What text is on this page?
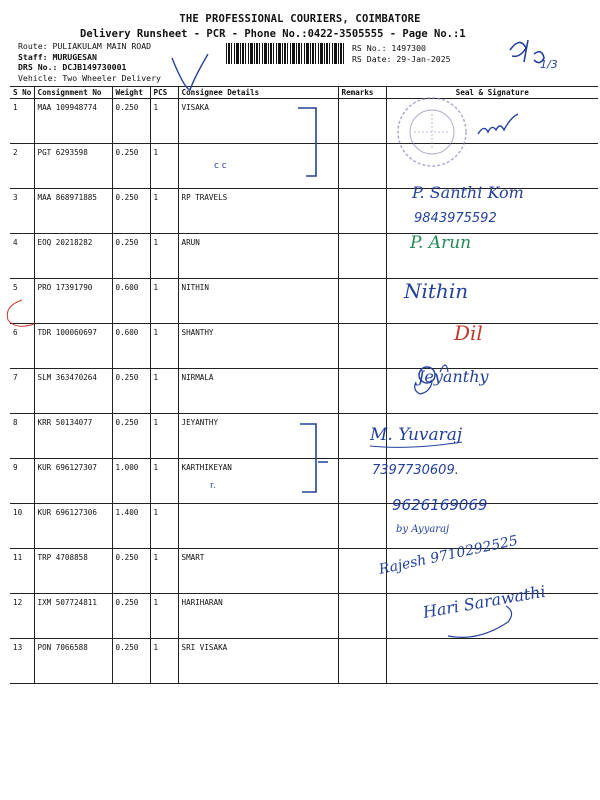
THE PROFESSIONAL COURIERS, COIMBATORE
Delivery Runsheet - PCR - Phone No.:0422-3505555 - Page No.:1
Route: PULIAKULAM MAIN ROAD
Staff: MURUGESAN
DRS No.: DCJB149730001
Vehicle: Two Wheeler Delivery
RS No.: 1497300
RS Date: 29-Jan-2025
S No	Consignment No	Weight	PCS	Consignee Details	Remarks	Seal & Signature
1	MAA 109948774	0.250	1	VISAKA		
2	PGT 6293598	0.250	1			
3	MAA 868971885	0.250	1	RP TRAVELS		
4	EOQ 20218282	0.250	1	ARUN		
5	PRO 17391790	0.600	1	NITHIN		
6	TDR 100060697	0.600	1	SHANTHY		
7	SLM 363470264	0.250	1	NIRMALA		
8	KRR 50134077	0.250	1	JEYANTHY		
9	KUR 696127307	1.000	1	KARTHIKEYAN		
10	KUR 696127306	1.400	1			
11	TRP 4708858	0.250	1	SMART		
12	IXM 507724811	0.250	1	HARIHARAN		
13	PON 7066588	0.250	1	SRI VISAKA		
1/3
c c
P. Santhi Kom
9843975592
P. Arun
Nithin
Dil
Jeyanthy
r.
M. Yuvaraj
7397730609.
9626169069
by Ayyaraj
Rajesh 9710292525
Hari Sarawathi
